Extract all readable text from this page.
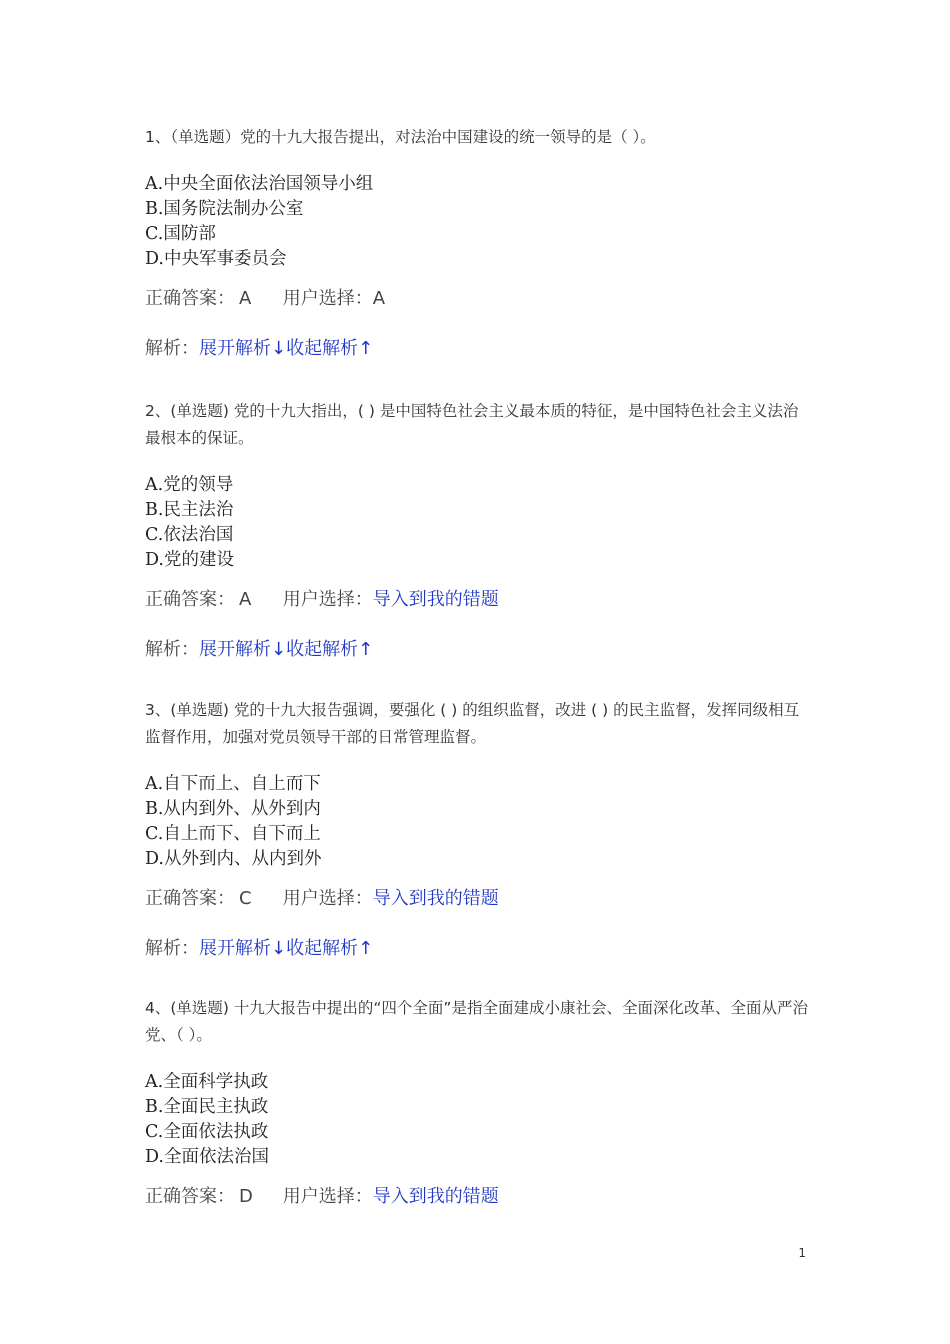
1、（单选题）党的十九大报告提出，对法治中国建设的统一领导的是（ ）。

A.中央全面依法治国领导小组
B.国务院法制办公室
C.国防部
D.中央军事委员会
正确答案： A 用户选择：A
解析：展开解析↓收起解析↑

2、(单选题) 党的十九大指出，( ) 是中国特色社会主义最本质的特征，是中国特色社会主义法治最根本的保证。

A.党的领导
B.民主法治
C.依法治国
D.党的建设
正确答案： A 用户选择：导入到我的错题
解析：展开解析↓收起解析↑

3、(单选题) 党的十九大报告强调，要强化 ( ) 的组织监督，改进 ( ) 的民主监督，发挥同级相互监督作用，加强对党员领导干部的日常管理监督。

A.自下而上、自上而下
B.从内到外、从外到内
C.自上而下、自下而上
D.从外到内、从内到外
正确答案： C 用户选择：导入到我的错题
解析：展开解析↓收起解析↑

4、(单选题) 十九大报告中提出的“四个全面”是指全面建成小康社会、全面深化改革、全面从严治党、（ ）。

A.全面科学执政
B.全面民主执政
C.全面依法执政
D.全面依法治国
正确答案： D 用户选择：导入到我的错题
1
